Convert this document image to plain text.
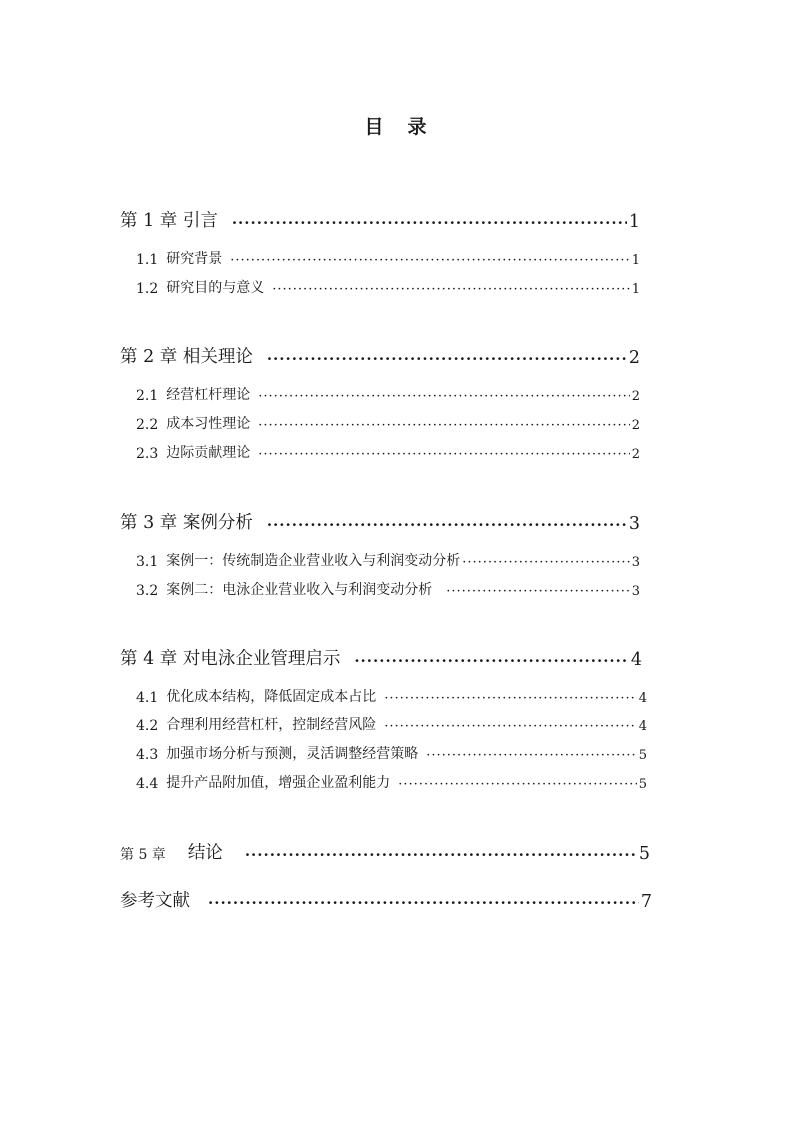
目 录
第 1 章 引言 ·····	1
1.1 研究背景 ·····	1
1.2 研究目的与意义 ·····	1
第 2 章 相关理论 ·····	2
2.1 经营杠杆理论 ·····	2
2.2 成本习性理论 ·····	2
2.3 边际贡献理论 ·····	2
第 3 章 案例分析 ·····	3
3.1 案例一：传统制造企业营业收入与利润变动分析 ·····	3
3.2 案例二：电泳企业营业收入与利润变动分析 ·····	3
第 4 章 对电泳企业管理启示 ·····	4
4.1 优化成本结构，降低固定成本占比 ·····	4
4.2 合理利用经营杠杆，控制经营风险 ·····	4
4.3 加强市场分析与预测，灵活调整经营策略 ·····	5
4.4 提升产品附加值，增强企业盈利能力 ·····	5
第 5 章 结论 ·····	5
参考文献 ·····	7
